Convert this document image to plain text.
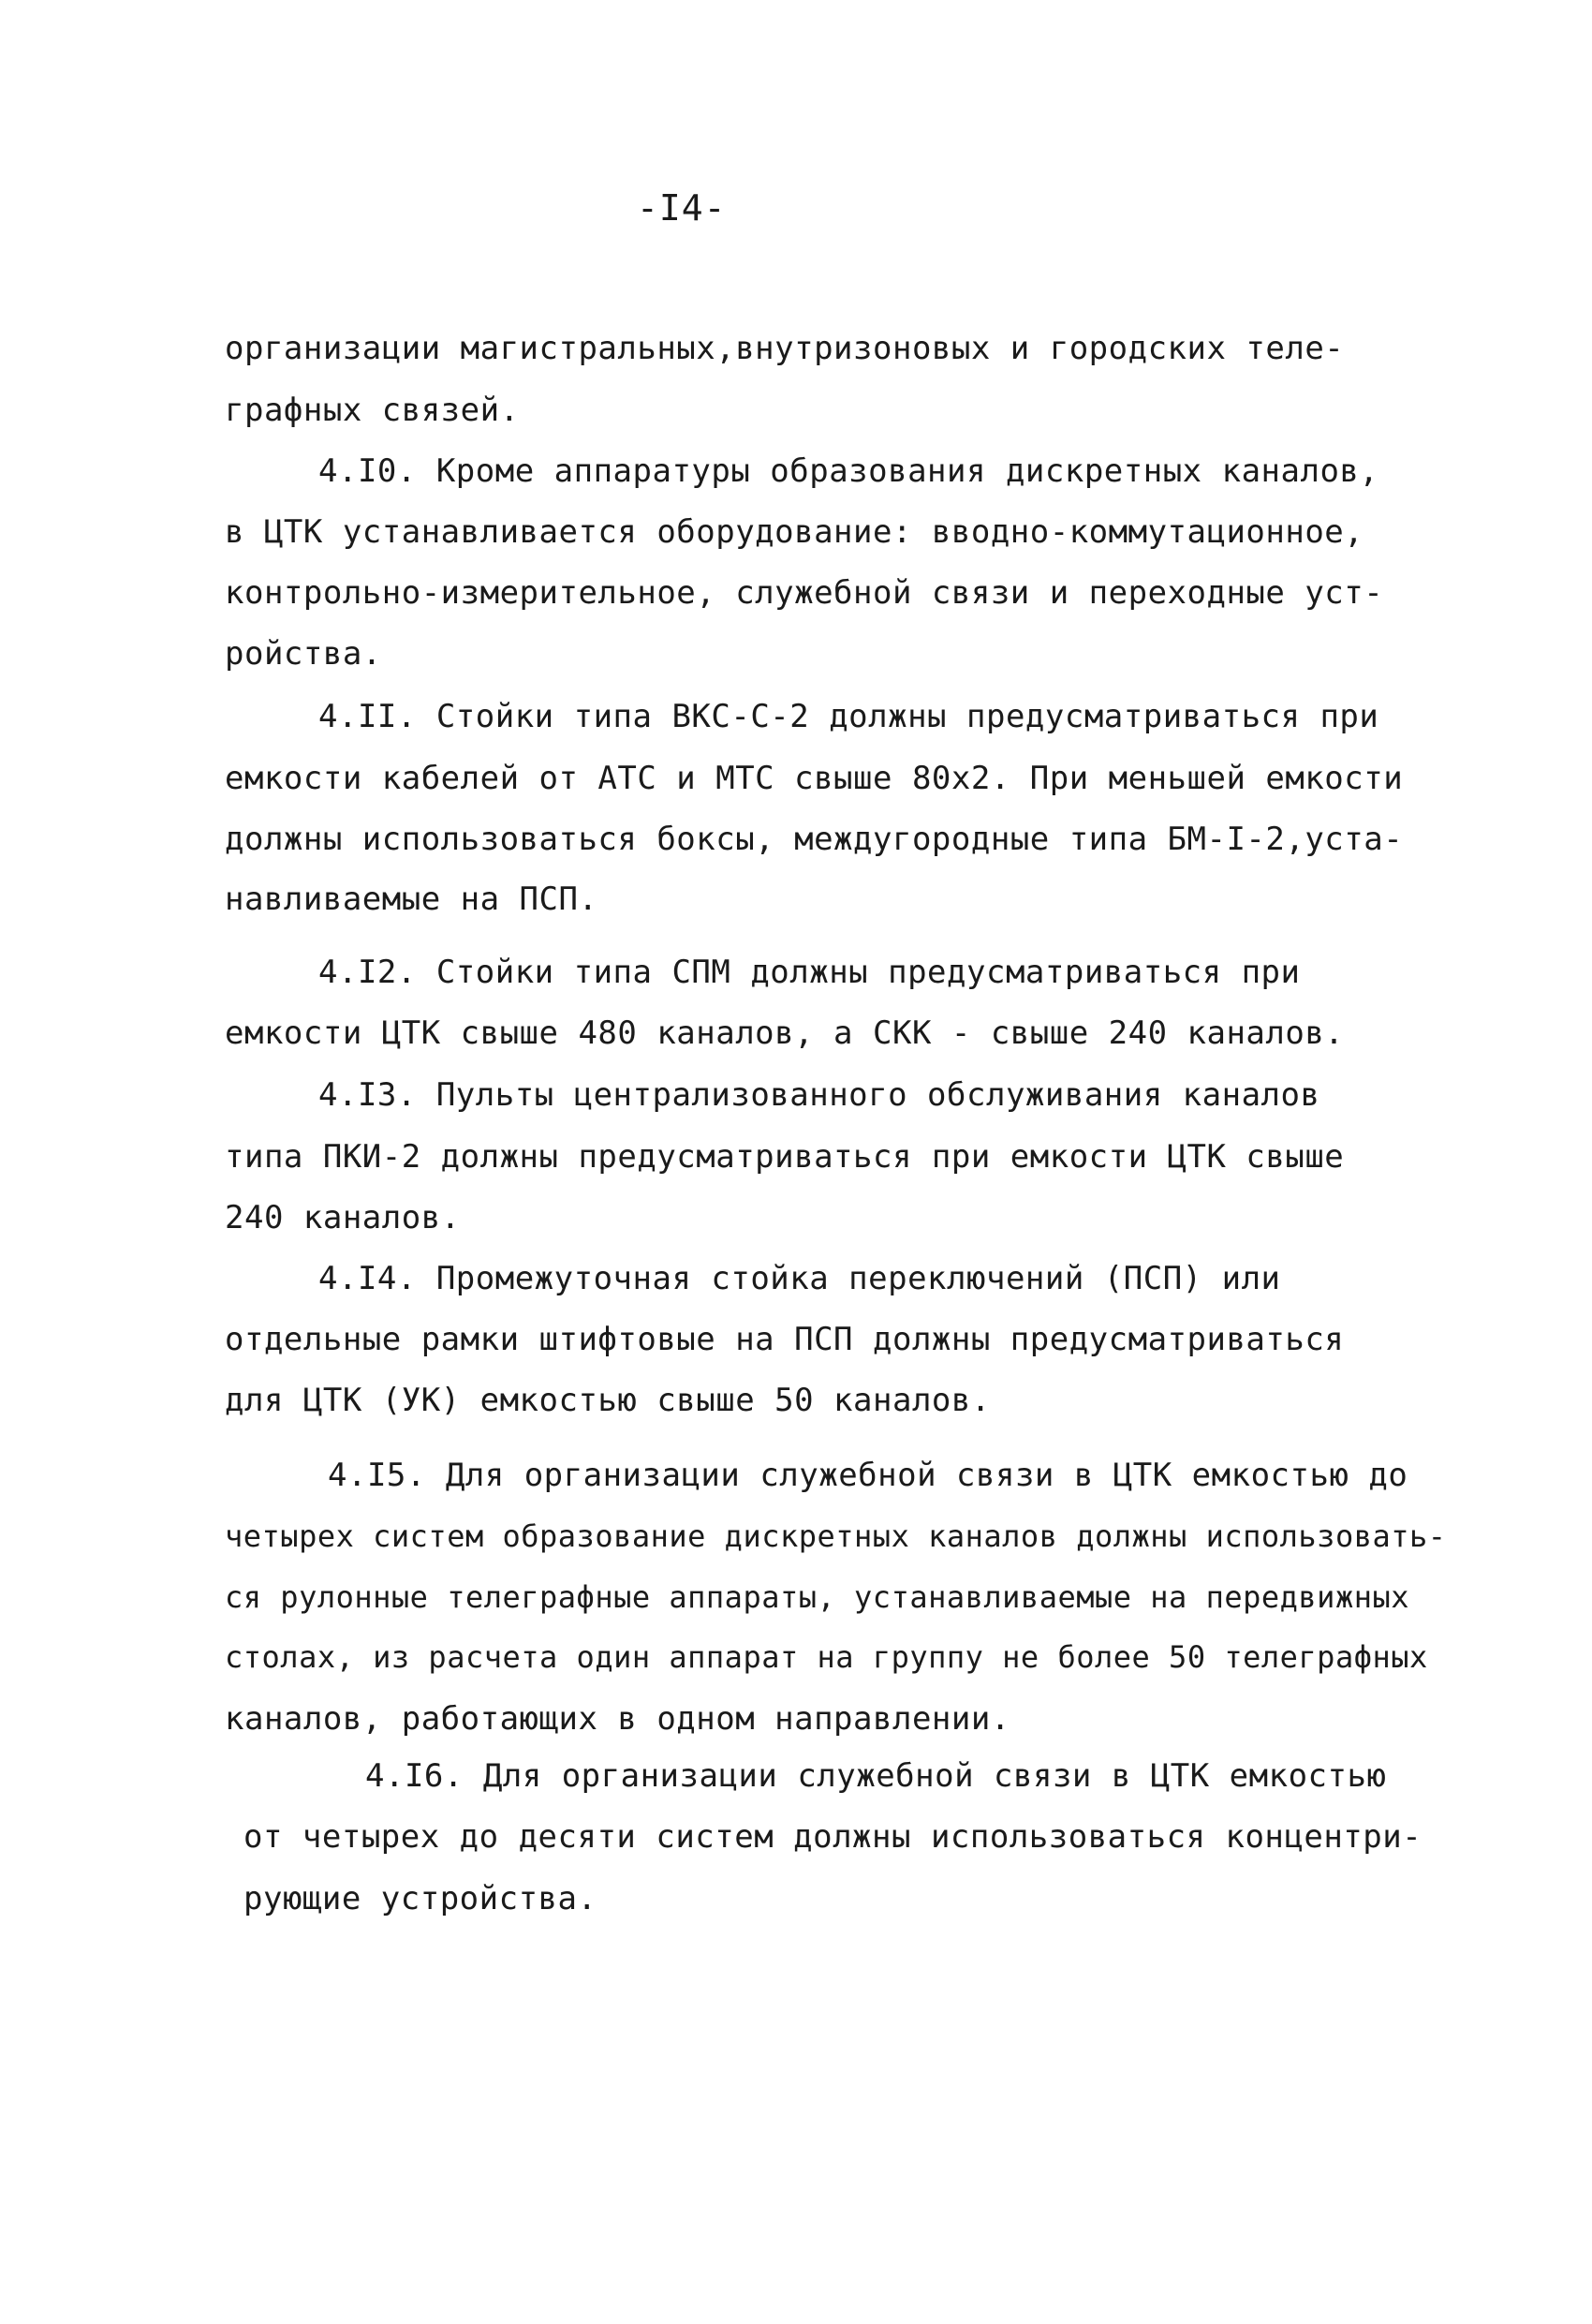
-I4-
организации магистральных,внутризоновых и городских теле-
графных связей.
4.I0. Кроме аппаратуры образования дискретных каналов,
в ЦТК устанавливается оборудование: вводно-коммутационное,
контрольно-измерительное, служебной связи и переходные уст-
ройства.
4.II. Стойки типа ВКС-С-2 должны предусматриваться при
емкости кабелей от АТС и МТС свыше 80х2. При меньшей емкости
должны использоваться боксы, междугородные типа БМ-I-2,уста-
навливаемые на ПСП.
4.I2. Стойки типа СПМ должны предусматриваться при
емкости ЦТК свыше 480 каналов, а СКК - свыше 240 каналов.
4.I3. Пульты централизованного обслуживания каналов
типа ПКИ-2 должны предусматриваться при емкости ЦТК свыше
240 каналов.
4.I4. Промежуточная стойка переключений (ПСП) или
отдельные рамки штифтовые на ПСП должны предусматриваться
для ЦТК (УК) емкостью свыше 50 каналов.
4.I5. Для организации служебной связи в ЦТК емкостью до
четырех систем образование дискретных каналов должны использовать-
ся рулонные телеграфные аппараты, устанавливаемые на передвижных
столах, из расчета один аппарат на группу не более 50 телеграфных
каналов, работающих в одном направлении.
4.I6. Для организации служебной связи в ЦТК емкостью
от четырех до десяти систем должны использоваться концентри-
рующие устройства.
